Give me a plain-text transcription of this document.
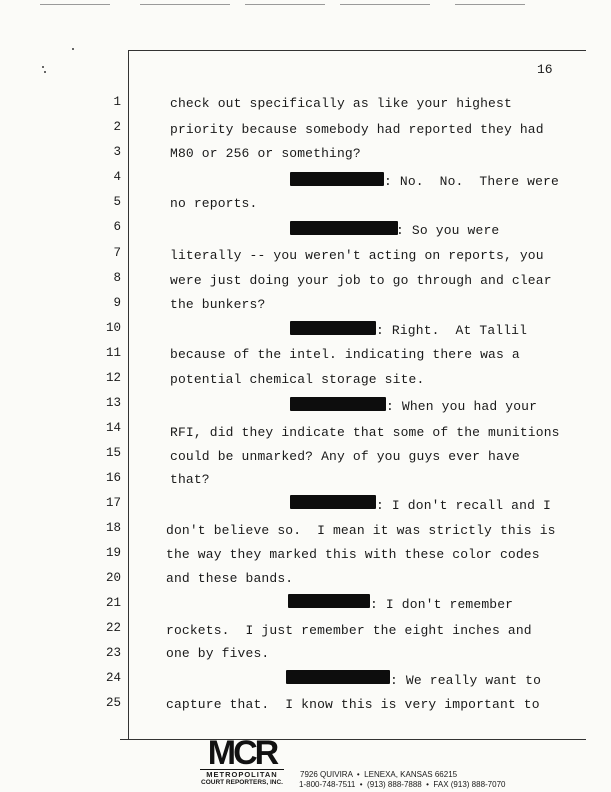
16
1	check out specifically as like your highest
2	priority because somebody had reported they had
3	M80 or 256 or something?
4	: No.  No.  There were
5	no reports.
6	: So you were
7	literally -- you weren't acting on reports, you
8	were just doing your job to go through and clear
9	the bunkers?
10	: Right.  At Tallil
11	because of the intel. indicating there was a
12	potential chemical storage site.
13	: When you had your
14	RFI, did they indicate that some of the munitions
15	could be unmarked? Any of you guys ever have
16	that?
17	: I don't recall and I
18	don't believe so.  I mean it was strictly this is
19	the way they marked this with these color codes
20	and these bands.
21	: I don't remember
22	rockets.  I just remember the eight inches and
23	one by fives.
24	: We really want to
25	capture that.  I know this is very important to
MCR
METROPOLITAN
COURT REPORTERS, INC.
7926 QUIVIRA  •  LENEXA, KANSAS 66215
1-800-748-7511  •  (913) 888-7888  •  FAX (913) 888-7070
